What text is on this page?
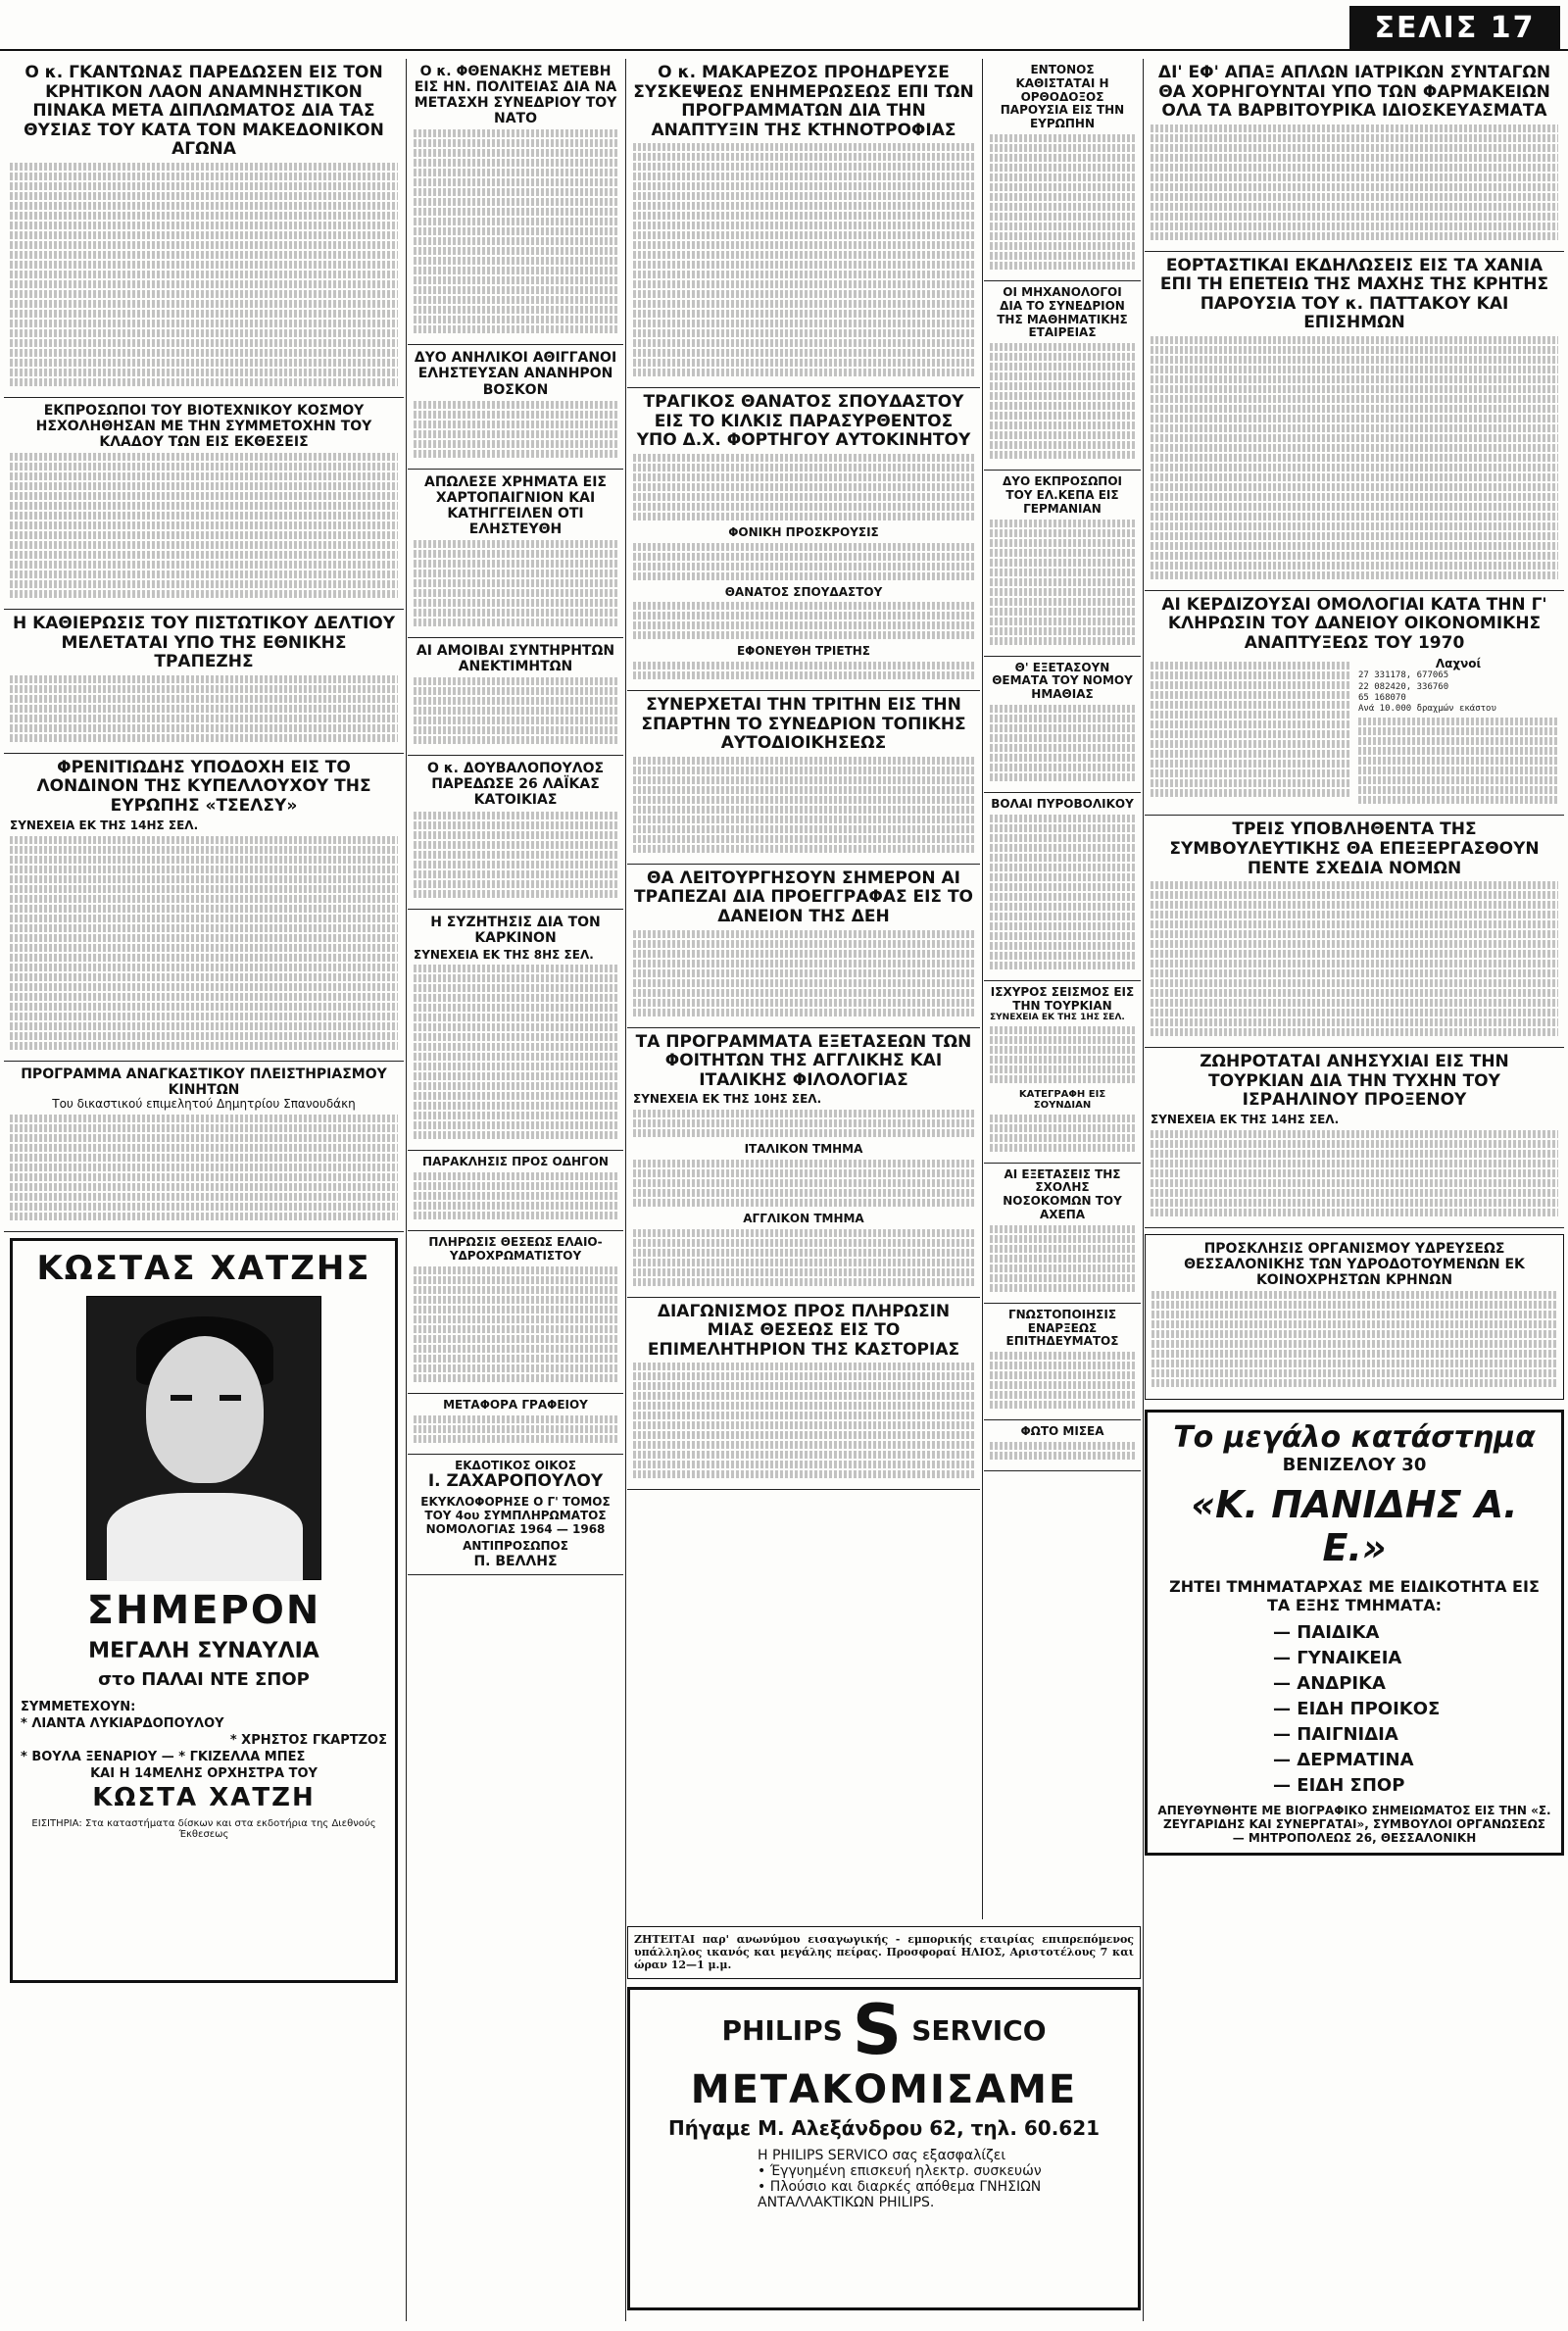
ΣΕΛΙΣ 17
Ο κ. ΓΚΑΝΤΩΝΑΣ ΠΑΡΕΔΩΣΕΝ ΕΙΣ ΤΟΝ ΚΡΗΤΙΚΟΝ ΛΑΟΝ ΑΝΑΜΝΗΣΤΙΚΟΝ ΠΙΝΑΚΑ ΜΕΤΑ ΔΙΠΛΩΜΑΤΟΣ ΔΙΑ ΤΑΣ ΘΥΣΙΑΣ ΤΟΥ ΚΑΤΑ ΤΟΝ ΜΑΚΕΔΟΝΙΚΟΝ ΑΓΩΝΑ
ΕΚΠΡΟΣΩΠΟΙ ΤΟΥ ΒΙΟΤΕΧΝΙΚΟΥ ΚΟΣΜΟΥ ΗΣΧΟΛΗΘΗΣΑΝ ΜΕ ΤΗΝ ΣΥΜΜΕΤΟΧΗΝ ΤΟΥ ΚΛΑΔΟΥ ΤΩΝ ΕΙΣ ΕΚΘΕΣΕΙΣ
Η ΚΑΘΙΕΡΩΣΙΣ ΤΟΥ ΠΙΣΤΩΤΙΚΟΥ ΔΕΛΤΙΟΥ ΜΕΛΕΤΑΤΑΙ ΥΠΟ ΤΗΣ ΕΘΝΙΚΗΣ ΤΡΑΠΕΖΗΣ
ΦΡΕΝΙΤΙΩΔΗΣ ΥΠΟΔΟΧΗ ΕΙΣ ΤΟ ΛΟΝΔΙΝΟΝ ΤΗΣ ΚΥΠΕΛΛΟΥΧΟΥ ΤΗΣ ΕΥΡΩΠΗΣ «ΤΣΕΛΣΥ»
ΣΥΝΕΧΕΙΑ ΕΚ ΤΗΣ 14ΗΣ ΣΕΛ.
ΠΡΟΓΡΑΜΜΑ ΑΝΑΓΚΑΣΤΙΚΟΥ ΠΛΕΙΣΤΗΡΙΑΣΜΟΥ ΚΙΝΗΤΩΝ
Του δικαστικού επιμελητού Δημητρίου Σπανουδάκη
ΚΩΣΤΑΣ ΧΑΤΖΗΣ
ΣΗΜΕΡΟΝ
ΜΕΓΑΛΗ ΣΥΝΑΥΛΙΑ
στο ΠΑΛΑΙ ΝΤΕ ΣΠΟΡ
ΣΥΜΜΕΤΕΧΟΥΝ:
* ΛΙΑΝΤΑ ΛΥΚΙΑΡΔΟΠΟΥΛΟΥ
* ΧΡΗΣΤΟΣ ΓΚΑΡΤΖΟΣ
* ΒΟΥΛΑ ΞΕΝΑΡΙΟΥ — * ΓΚΙΖΕΛΛΑ ΜΠΕΣ
ΚΑΙ Η 14ΜΕΛΗΣ ΟΡΧΗΣΤΡΑ ΤΟΥ
ΚΩΣΤΑ ΧΑΤΖΗ
ΕΙΣΙΤΗΡΙΑ: Στα καταστήματα δίσκων και στα εκδοτήρια της Διεθνούς Έκθεσεως
Ο κ. ΦΘΕΝΑΚΗΣ ΜΕΤΕΒΗ ΕΙΣ ΗΝ. ΠΟΛΙΤΕΙΑΣ ΔΙΑ ΝΑ ΜΕΤΑΣΧΗ ΣΥΝΕΔΡΙΟΥ ΤΟΥ ΝΑΤΟ
ΔΥΟ ΑΝΗΛΙΚΟΙ ΑΘΙΓΓΑΝΟΙ ΕΛΗΣΤΕΥΣΑΝ ΑΝΑΝΗΡΟΝ ΒΟΣΚΟΝ
ΑΠΩΛΕΣΕ ΧΡΗΜΑΤΑ ΕΙΣ ΧΑΡΤΟΠΑΙΓΝΙΟΝ ΚΑΙ ΚΑΤΗΓΓΕΙΛΕΝ ΟΤΙ ΕΛΗΣΤΕΥΘΗ
ΑΙ ΑΜΟΙΒΑΙ ΣΥΝΤΗΡΗΤΩΝ ΑΝΕΚΤΙΜΗΤΩΝ
Ο κ. ΔΟΥΒΑΛΟΠΟΥΛΟΣ ΠΑΡΕΔΩΣΕ 26 ΛΑΪΚΑΣ ΚΑΤΟΙΚΙΑΣ
Η ΣΥΖΗΤΗΣΙΣ ΔΙΑ ΤΟΝ ΚΑΡΚΙΝΟΝ
ΣΥΝΕΧΕΙΑ ΕΚ ΤΗΣ 8ΗΣ ΣΕΛ.
ΠΑΡΑΚΛΗΣΙΣ ΠΡΟΣ ΟΔΗΓΟΝ
ΠΛΗΡΩΣΙΣ ΘΕΣΕΩΣ ΕΛΑΙΟ-ΥΔΡΟΧΡΩΜΑΤΙΣΤΟΥ
ΜΕΤΑΦΟΡΑ ΓΡΑΦΕΙΟΥ
ΕΚΔΟΤΙΚΟΣ ΟΙΚΟΣ
Ι. ΖΑΧΑΡΟΠΟΥΛΟΥ
ΕΚΥΚΛΟΦΟΡΗΣΕ Ο Γ' ΤΟΜΟΣ ΤΟΥ 4ου ΣΥΜΠΛΗΡΩΜΑΤΟΣ ΝΟΜΟΛΟΓΙΑΣ 1964 — 1968
ΑΝΤΙΠΡΟΣΩΠΟΣ
Π. ΒΕΛΛΗΣ
Ο κ. ΜΑΚΑΡΕΖΟΣ ΠΡΟΗΔΡΕΥΣΕ ΣΥΣΚΕΨΕΩΣ ΕΝΗΜΕΡΩΣΕΩΣ ΕΠΙ ΤΩΝ ΠΡΟΓΡΑΜΜΑΤΩΝ ΔΙΑ ΤΗΝ ΑΝΑΠΤΥΞΙΝ ΤΗΣ ΚΤΗΝΟΤΡΟΦΙΑΣ
ΤΡΑΓΙΚΟΣ ΘΑΝΑΤΟΣ ΣΠΟΥΔΑΣΤΟΥ ΕΙΣ ΤΟ ΚΙΛΚΙΣ ΠΑΡΑΣΥΡΘΕΝΤΟΣ ΥΠΟ Δ.Χ. ΦΟΡΤΗΓΟΥ ΑΥΤΟΚΙΝΗΤΟΥ
ΦΟΝΙΚΗ ΠΡΟΣΚΡΟΥΣΙΣ
ΘΑΝΑΤΟΣ ΣΠΟΥΔΑΣΤΟΥ
ΕΦΟΝΕΥΘΗ ΤΡΙΕΤΗΣ
ΣΥΝΕΡΧΕΤΑΙ ΤΗΝ ΤΡΙΤΗΝ ΕΙΣ ΤΗΝ ΣΠΑΡΤΗΝ ΤΟ ΣΥΝΕΔΡΙΟΝ ΤΟΠΙΚΗΣ ΑΥΤΟΔΙΟΙΚΗΣΕΩΣ
ΘΑ ΛΕΙΤΟΥΡΓΗΣΟΥΝ ΣΗΜΕΡΟΝ ΑΙ ΤΡΑΠΕΖΑΙ ΔΙΑ ΠΡΟΕΓΓΡΑΦΑΣ ΕΙΣ ΤΟ ΔΑΝΕΙΟΝ ΤΗΣ ΔΕΗ
ΤΑ ΠΡΟΓΡΑΜΜΑΤΑ ΕΞΕΤΑΣΕΩΝ ΤΩΝ ΦΟΙΤΗΤΩΝ ΤΗΣ ΑΓΓΛΙΚΗΣ ΚΑΙ ΙΤΑΛΙΚΗΣ ΦΙΛΟΛΟΓΙΑΣ
ΣΥΝΕΧΕΙΑ ΕΚ ΤΗΣ 10ΗΣ ΣΕΛ.
ΙΤΑΛΙΚΟΝ ΤΜΗΜΑ
ΑΓΓΛΙΚΟΝ ΤΜΗΜΑ
ΔΙΑΓΩΝΙΣΜΟΣ ΠΡΟΣ ΠΛΗΡΩΣΙΝ ΜΙΑΣ ΘΕΣΕΩΣ ΕΙΣ ΤΟ ΕΠΙΜΕΛΗΤΗΡΙΟΝ ΤΗΣ ΚΑΣΤΟΡΙΑΣ
ΕΝΤΟΝΟΣ ΚΑΘΙΣΤΑΤΑΙ Η ΟΡΘΟΔΟΞΟΣ ΠΑΡΟΥΣΙΑ ΕΙΣ ΤΗΝ ΕΥΡΩΠΗΝ
ΟΙ ΜΗΧΑΝΟΛΟΓΟΙ ΔΙΑ ΤΟ ΣΥΝΕΔΡΙΟΝ ΤΗΣ ΜΑΘΗΜΑΤΙΚΗΣ ΕΤΑΙΡΕΙΑΣ
ΔΥΟ ΕΚΠΡΟΣΩΠΟΙ ΤΟΥ ΕΛ.ΚΕΠΑ ΕΙΣ ΓΕΡΜΑΝΙΑΝ
Θ' ΕΞΕΤΑΣΟΥΝ ΘΕΜΑΤΑ ΤΟΥ ΝΟΜΟΥ ΗΜΑΘΙΑΣ
ΒΟΛΑΙ ΠΥΡΟΒΟΛΙΚΟΥ
ΙΣΧΥΡΟΣ ΣΕΙΣΜΟΣ ΕΙΣ ΤΗΝ ΤΟΥΡΚΙΑΝ
ΣΥΝΕΧΕΙΑ ΕΚ ΤΗΣ 1ΗΣ ΣΕΛ.
ΚΑΤΕΓΡΑΦΗ ΕΙΣ ΣΟΥΝΔΙΑΝ
ΑΙ ΕΞΕΤΑΣΕΙΣ ΤΗΣ ΣΧΟΛΗΣ ΝΟΣΟΚΟΜΩΝ ΤΟΥ ΑΧΕΠΑ
ΓΝΩΣΤΟΠΟΙΗΣΙΣ ΕΝΑΡΞΕΩΣ ΕΠΙΤΗΔΕΥΜΑΤΟΣ
ΦΩΤΟ ΜΙΣΕΑ
ΔΙ' ΕΦ' ΑΠΑΞ ΑΠΛΩΝ ΙΑΤΡΙΚΩΝ ΣΥΝΤΑΓΩΝ ΘΑ ΧΟΡΗΓΟΥΝΤΑΙ ΥΠΟ ΤΩΝ ΦΑΡΜΑΚΕΙΩΝ ΟΛΑ ΤΑ ΒΑΡΒΙΤΟΥΡΙΚΑ ΙΔΙΟΣΚΕΥΑΣΜΑΤΑ
ΕΟΡΤΑΣΤΙΚΑΙ ΕΚΔΗΛΩΣΕΙΣ ΕΙΣ ΤΑ ΧΑΝΙΑ ΕΠΙ ΤΗ ΕΠΕΤΕΙΩ ΤΗΣ ΜΑΧΗΣ ΤΗΣ ΚΡΗΤΗΣ ΠΑΡΟΥΣΙΑ ΤΟΥ κ. ΠΑΤΤΑΚΟΥ ΚΑΙ ΕΠΙΣΗΜΩΝ
ΑΙ ΚΕΡΔΙΖΟΥΣΑΙ ΟΜΟΛΟΓΙΑΙ ΚΑΤΑ ΤΗΝ Γ' ΚΛΗΡΩΣΙΝ ΤΟΥ ΔΑΝΕΙΟΥ ΟΙΚΟΝΟΜΙΚΗΣ ΑΝΑΠΤΥΞΕΩΣ ΤΟΥ 1970
Λαχνοί
27 331178, 677065
22 082420, 336760
65 168070
Ανά 10.000 δραχμών εκάστου
ΤΡΕΙΣ ΥΠΟΒΛΗΘΕΝΤΑ ΤΗΣ ΣΥΜΒΟΥΛΕΥΤΙΚΗΣ ΘΑ ΕΠΕΞΕΡΓΑΣΘΟΥΝ ΠΕΝΤΕ ΣΧΕΔΙΑ ΝΟΜΩΝ
ΖΩΗΡΟΤΑΤΑΙ ΑΝΗΣΥΧΙΑΙ ΕΙΣ ΤΗΝ ΤΟΥΡΚΙΑΝ ΔΙΑ ΤΗΝ ΤΥΧΗΝ ΤΟΥ ΙΣΡΑΗΛΙΝΟΥ ΠΡΟΞΕΝΟΥ
ΣΥΝΕΧΕΙΑ ΕΚ ΤΗΣ 14ΗΣ ΣΕΛ.
ΠΡΟΣΚΛΗΣΙΣ ΟΡΓΑΝΙΣΜΟΥ ΥΔΡΕΥΣΕΩΣ ΘΕΣΣΑΛΟΝΙΚΗΣ ΤΩΝ ΥΔΡΟΔΟΤΟΥΜΕΝΩΝ ΕΚ ΚΟΙΝΟΧΡΗΣΤΩΝ ΚΡΗΝΩΝ
Το μεγάλο κατάστημα
ΒΕΝΙΖΕΛΟΥ 30
«Κ. ΠΑΝΙΔΗΣ Α. Ε.»
ΖΗΤΕΙ ΤΜΗΜΑΤΑΡΧΑΣ ΜΕ ΕΙΔΙΚΟΤΗΤΑ ΕΙΣ ΤΑ ΕΞΗΣ ΤΜΗΜΑΤΑ:
— ΠΑΙΔΙΚΑ
— ΓΥΝΑΙΚΕΙΑ
— ΑΝΔΡΙΚΑ
— ΕΙΔΗ ΠΡΟΙΚΟΣ
— ΠΑΙΓΝΙΔΙΑ
— ΔΕΡΜΑΤΙΝΑ
— ΕΙΔΗ ΣΠΟΡ
ΑΠΕΥΘΥΝΘΗΤΕ ΜΕ ΒΙΟΓΡΑΦΙΚΟ ΣΗΜΕΙΩΜΑΤΟΣ ΕΙΣ ΤΗΝ «Σ. ΖΕΥΓΑΡΙΔΗΣ ΚΑΙ ΣΥΝΕΡΓΑΤΑΙ», ΣΥΜΒΟΥΛΟΙ ΟΡΓΑΝΩΣΕΩΣ — ΜΗΤΡΟΠΟΛΕΩΣ 26, ΘΕΣΣΑΛΟΝΙΚΗ
ΖΗΤΕΙΤΑΙ παρ' ανωνύμου εισαγωγικής - εμπορικής εταιρίας επιπρεπόμενος υπάλληλος ικανός και μεγάλης πείρας. Προσφοραί ΗΛΙΟΣ, Αριστοτέλους 7 και ώραν 12—1 μ.μ.
PHILIPS S SERVICO
ΜΕΤΑΚΟΜΙΣΑΜΕ
Πήγαμε Μ. Αλεξάνδρου 62, τηλ. 60.621
Η PHILIPS SERVICO σας εξασφαλίζει
• Έγγυημένη επισκευή ηλεκτρ. συσκευών
• Πλούσιο και διαρκές απόθεμα ΓΝΗΣΙΩΝ ΑΝΤΑΛΛΑΚΤΙΚΩΝ PHILIPS.
